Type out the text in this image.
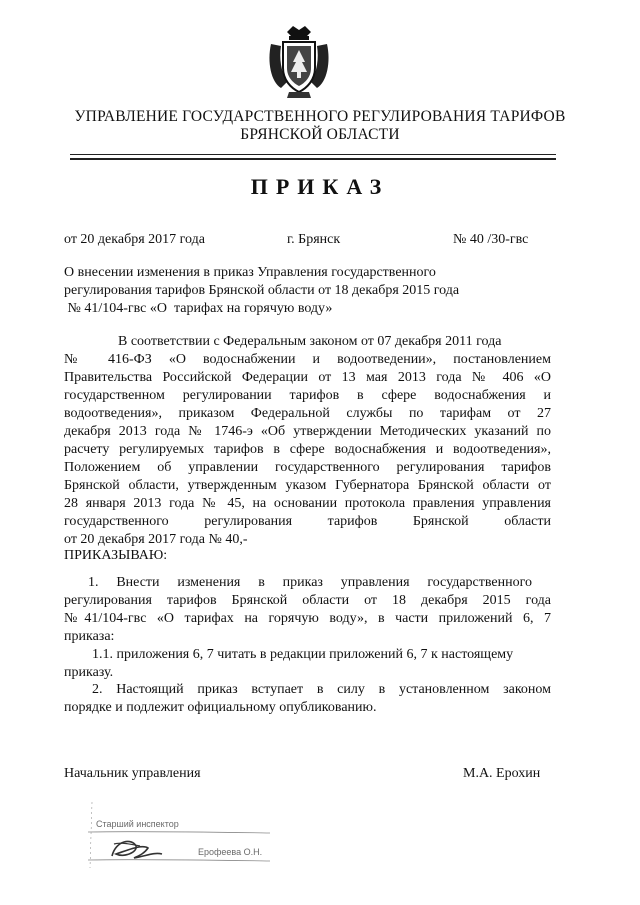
УПРАВЛЕНИЕ ГОСУДАРСТВЕННОГО РЕГУЛИРОВАНИЯ ТАРИФОВ
БРЯНСКОЙ ОБЛАСТИ
ПРИКАЗ
от 20 декабря 2017 года	г. Брянск	№ 40 /30-гвс
О внесении изменения в приказ Управления государственного
регулирования тарифов Брянской области от 18 декабря 2015 года
№ 41/104-гвс «О  тарифах на горячую воду»
В соответствии с Федеральным законом от 07 декабря 2011 года
№ 416-ФЗ «О водоснабжении и водоотведении», постановлением
Правительства Российской Федерации от 13 мая 2013 года № 406 «О
государственном регулировании тарифов в сфере водоснабжения и
водоотведения», приказом Федеральной службы по тарифам от 27
декабря 2013 года № 1746-э «Об утверждении Методических указаний по
расчету регулируемых тарифов в сфере водоснабжения и водоотведения»,
Положением об управлении государственного регулирования тарифов
Брянской области, утвержденным указом Губернатора Брянской области от
28 января 2013 года № 45, на основании протокола правления управления
государственного регулирования тарифов Брянской области
от 20 декабря 2017 года № 40,-
ПРИКАЗЫВАЮ:
1. Внести изменения в приказ управления государственного
регулирования тарифов Брянской области от 18 декабря 2015 года
№41/104-гвс «О тарифах на горячую воду», в части приложений 6, 7
приказа:
1.1. приложения 6, 7 читать в редакции приложений 6, 7 к настоящему
приказу.
2. Настоящий приказ вступает в силу в установленном законом
порядке и подлежит официальному опубликованию.
Начальник управления	М.А. Ерохин
Старший инспектор
Ерофеева О.Н.
